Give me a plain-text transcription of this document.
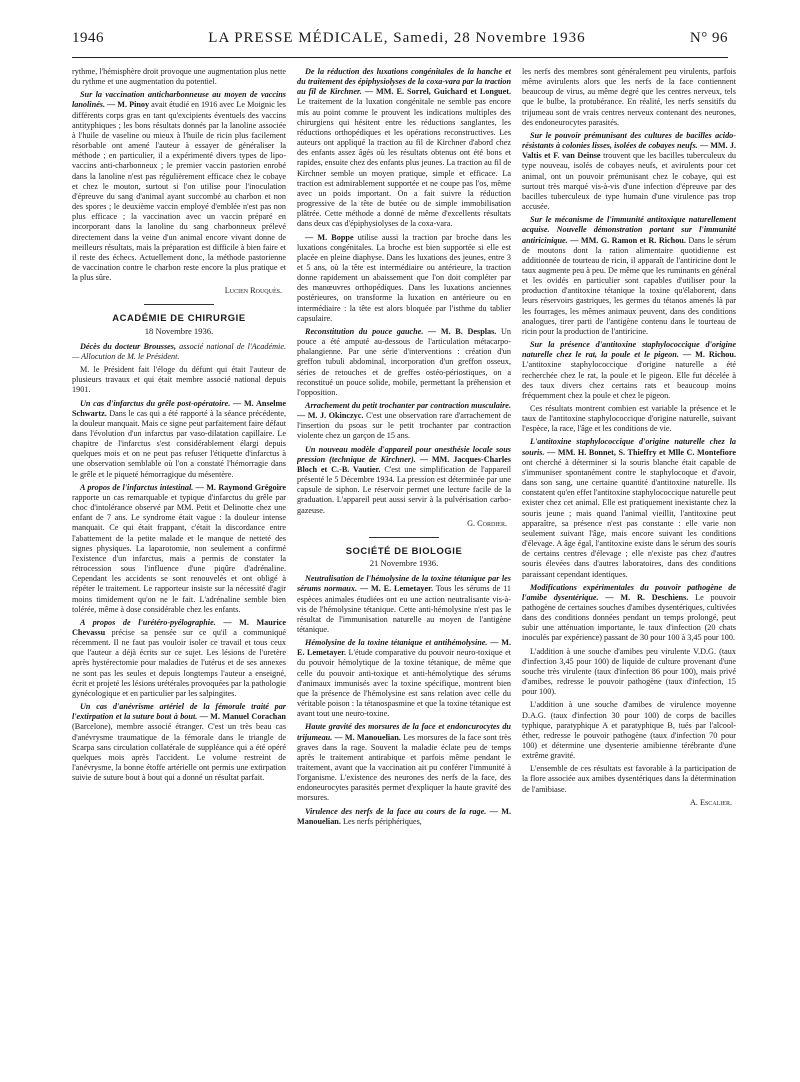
1946	LA PRESSE MÉDICALE, Samedi, 28 Novembre 1936	N° 96

rythme, l'hémisphère droit provoque une augmentation plus nette du rythme et une augmentation du potentiel.

Sur la vaccination anticharbonneuse au moyen de vaccins lanolinés. — M. Pinoy avait étudié en 1916 avec Le Moignic les différents corps gras en tant qu'excipients éventuels des vaccins antityphiques ; les bons résultats donnés par la lanoline associée à l'huile de vaseline ou mieux à l'huile de ricin plus facilement résorbable ont amené l'auteur à essayer de généraliser la méthode ; en particulier, il a expérimenté divers types de lipo-vaccins anti-charbonneux ; le premier vaccin pastorien enrobé dans la lanoline n'est pas régulièrement efficace chez le cobaye et chez le mouton, surtout si l'on utilise pour l'inoculation d'épreuve du sang d'animal ayant succombé au charbon et non des spores ; le deuxième vaccin employé d'emblée n'est pas non plus efficace ; la vaccination avec un vaccin préparé en incorporant dans la lanoline du sang charbonneux prélevé directement dans la veine d'un animal encore vivant donne de meilleurs résultats, mais la préparation est difficile à bien faire et il reste des échecs. Actuellement donc, la méthode pastorienne de vaccination contre le charbon reste encore la plus pratique et la plus sûre.

Lucien Rouquès.

ACADÉMIE DE CHIRURGIE

18 Novembre 1936.

Décès du docteur Brousses, associé national de l'Académie. — Allocution de M. le Président.

M. le Président fait l'éloge du défunt qui était l'auteur de plusieurs travaux et qui était membre associé national depuis 1901.

Un cas d'infarctus du grêle post-opératoire. — M. Anselme Schwartz. Dans le cas qui a été rapporté à la séance précédente, la douleur manquait. Mais ce signe peut parfaitement faire défaut dans l'évolution d'un infarctus par vaso-dilatation capillaire. Le chapitre de l'infarctus s'est considérablement élargi depuis quelques mois et on ne peut pas refuser l'étiquette d'infarctus à une observation semblable où l'on a constaté l'hémorragie dans le grêle et le piqueté hémorragique du mésentère.

A propos de l'infarctus intestinal. — M. Raymond Grégoire rapporte un cas remarquable et typique d'infarctus du grêle par choc d'intolérance observé par MM. Petit et Delinotte chez une enfant de 7 ans. Le syndrome était vague : la douleur intense manquait. Ce qui était frappant, c'était la discordance entre l'abattement de la petite malade et le manque de netteté des signes physiques. La laparotomie, non seulement a confirmé l'existence d'un infarctus, mais a permis de constater la rétrocession sous l'influence d'une piqûre d'adrénaline. Cependant les accidents se sont renouvelés et ont obligé à répéter le traitement. Le rapporteur insiste sur la nécessité d'agir moins timidement qu'on ne le fait. L'adrénaline semble bien tolérée, même à dose considérable chez les enfants.

A propos de l'urétéro-pyélographie. — M. Maurice Chevassu précise sa pensée sur ce qu'il a communiqué récemment. Il ne faut pas vouloir isoler ce travail et tous ceux que l'auteur a déjà écrits sur ce sujet. Les lésions de l'uretère après hystérectomie pour maladies de l'utérus et de ses annexes ne sont pas les seules et depuis longtemps l'auteur a enseigné, écrit et projeté les lésions urétérales provoquées par la pathologie gynécologique et en particulier par les salpingites.

Un cas d'anévrisme artériel de la fémorale traité par l'extirpation et la suture bout à bout. — M. Manuel Corachan (Barcelone), membre associé étranger. C'est un très beau cas d'anévrysme traumatique de la fémorale dans le triangle de Scarpa sans circulation collatérale de suppléance qui a été opéré quelques mois après l'accident. Le volume restreint de l'anévrysme, la bonne étoffe artérielle ont permis une extirpation suivie de suture bout à bout qui a donné un résultat parfait.

De la réduction des luxations congénitales de la hanche et du traitement des épiphysiolyses de la coxa-vara par la traction au fil de Kirchner. — MM. E. Sorrel, Guichard et Longuet. Le traitement de la luxation congénitale ne semble pas encore mis au point comme le prouvent les indications multiples des chirurgiens qui hésitent entre les réductions sanglantes, les réductions orthopédiques et les opérations reconstructives. Les auteurs ont appliqué la traction au fil de Kirchner d'abord chez des enfants assez âgés où les résultats obtenus ont été bons et rapides, ensuite chez des enfants plus jeunes. La traction au fil de Kirchner semble un moyen pratique, simple et efficace. La traction est admirablement supportée et ne coupe pas l'os, même avec un poids important. On a fait suivre la réduction progressive de la tête de butée ou de simple immobilisation plâtrée. Cette méthode a donné de même d'excellents résultats dans deux cas d'épiphysiolyses de la coxa-vara.

— M. Boppe utilise aussi la traction par broche dans les luxations congénitales. La broche est bien supportée si elle est placée en pleine diaphyse. Dans les luxations des jeunes, entre 3 et 5 ans, où la tête est intermédiaire ou antérieure, la traction donne rapidement un abaissement que l'on doit compléter par des manœuvres orthopédiques. Dans les luxations anciennes postérieures, on transforme la luxation en antérieure ou en intermédiaire : la tête est alors bloquée par l'isthme du tablier capsulaire.

Reconstitution du pouce gauche. — M. B. Desplas. Un pouce a été amputé au-dessous de l'articulation métacarpo-phalangienne. Par une série d'interventions : création d'un greffon tubuli abdominal, incorporation d'un greffon osseux, séries de retouches et de greffes ostéo-périostiques, on a reconstitué un pouce solide, mobile, permettant la préhension et l'opposition.

Arrachement du petit trochanter par contraction musculaire. — M. J. Okinczyc. C'est une observation rare d'arrachement de l'insertion du psoas sur le petit trochanter par contraction violente chez un garçon de 15 ans.

Un nouveau modèle d'appareil pour anesthésie locale sous pression (technique de Kirchner). — MM. Jacques-Charles Bloch et C.-B. Vautier. C'est une simplification de l'appareil présenté le 5 Décembre 1934. La pression est déterminée par une capsule de siphon. Le réservoir permet une lecture facile de la graduation. L'appareil peut aussi servir à la pulvérisation carbo-gazeuse.

G. Cordier.

SOCIÉTÉ DE BIOLOGIE

21 Novembre 1936.

Neutralisation de l'hémolysine de la toxine tétanique par les sérums normaux. — M. E. Lemetayer. Tous les sérums de 11 espèces animales étudiées ont eu une action neutralisante vis-à-vis de l'hémolysine tétanique. Cette anti-hémolysine n'est pas le résultat de l'immunisation naturelle au moyen de l'antigène tétanique.

Hémolysine de la toxine tétanique et antihémolysine. — M. E. Lemetayer. L'étude comparative du pouvoir neuro-toxique et du pouvoir hémolytique de la toxine tétanique, de même que celle du pouvoir anti-toxique et anti-hémolytique des sérums d'animaux immunisés avec la toxine spécifique, montrent bien que la présence de l'hémolysine est sans relation avec celle du véritable poison : la tétanospasmine et que la toxine tétanique est avant tout une neuro-toxine.

Haute gravité des morsures de la face et endoncurocytes du trijumeau. — M. Manouelian. Les morsures de la face sont très graves dans la rage. Souvent la maladie éclate peu de temps après le traitement antirabique et parfois même pendant le traitement, avant que la vaccination ait pu conférer l'immunité à l'organisme. L'existence des neurones des nerfs de la face, des endoneurocytes parasités permet d'expliquer la haute gravité des morsures.

Virulence des nerfs de la face au cours de la rage. — M. Manouelian. Les nerfs périphériques,

les nerfs des membres sont généralement peu virulents, parfois même avirulents alors que les nerfs de la face contiennent beaucoup de virus, au même degré que les centres nerveux, tels que le bulbe, la protubérance. En réalité, les nerfs sensitifs du trijumeau sont de vrais centres nerveux contenant des neurones, des endoneurocytes parasités.

Sur le pouvoir prémunisant des cultures de bacilles acido-résistants à colonies lisses, isolées de cobayes neufs. — MM. J. Valtis et F. van Deinse trouvent que les bacilles tuberculeux du type nouveau, isolés de cobayes neufs, et avirulents pour cet animal, ont un pouvoir prémunisant chez le cobaye, qui est surtout très marqué vis-à-vis d'une infection d'épreuve par des bacilles tuberculeux de type humain d'une virulence pas trop accusée.

Sur le mécanisme de l'immunité antitoxique naturellement acquise. Nouvelle démonstration portant sur l'immunité antiricinique. — MM. G. Ramon et R. Richou. Dans le sérum de moutons dont la ration alimentaire quotidienne est additionnée de tourteau de ricin, il apparaît de l'antiricine dont le taux augmente peu à peu. De même que les ruminants en général et les ovidés en particulier sont capables d'utiliser pour la production d'antitoxine tétanique la toxine qu'élaborent, dans leurs réservoirs gastriques, les germes du tétanos amenés là par les fourrages, les mêmes animaux peuvent, dans des conditions analogues, tirer parti de l'antigène contenu dans le tourteau de ricin pour la production de l'antiricine.

Sur la présence d'antitoxine staphylococcique d'origine naturelle chez le rat, la poule et le pigeon. — M. Richou. L'antitoxine staphylococcique d'origine naturelle a été recherchée chez le rat, la poule et le pigeon. Elle fut décelée à des taux divers chez certains rats et beaucoup moins fréquemment chez la poule et chez le pigeon.

Ces résultats montrent combien est variable la présence et le taux de l'antitoxine staphylococcique d'origine naturelle, suivant l'espèce, la race, l'âge et les conditions de vie.

L'antitoxine staphylococcique d'origine naturelle chez la souris. — MM. H. Bonnet, S. Thieffry et Mlle C. Montefiore ont cherché à déterminer si la souris blanche était capable de s'immuniser spontanément contre le staphylocoque et d'avoir, dans son sang, une certaine quantité d'antitoxine naturelle. Ils constatent qu'en effet l'antitoxine staphylococcique naturelle peut exister chez cet animal. Elle est pratiquement inexistante chez la souris jeune ; mais quand l'animal vieillit, l'antitoxine peut apparaître, sa présence n'est pas constante : elle varie non seulement suivant l'âge, mais encore suivant les conditions d'élevage. A âge égal, l'antitoxine existe dans le sérum des souris de certains centres d'élevage ; elle n'existe pas chez d'autres souris élevées dans d'autres laboratoires, dans des conditions paraissant cependant identiques.

Modifications expérimentales du pouvoir pathogène de l'amibe dysentérique. — M. R. Deschiens. Le pouvoir pathogène de certaines souches d'amibes dysentériques, cultivées dans des conditions données pendant un temps prolongé, peut subir une atténuation importante, le taux d'infection (20 chats inoculés par expérience) passant de 30 pour 100 à 3,45 pour 100.

L'addition à une souche d'amibes peu virulente V.D.G. (taux d'infection 3,45 pour 100) de liquide de culture provenant d'une souche très virulente (taux d'infection 86 pour 100), mais privé d'amibes, redresse le pouvoir pathogène (taux d'infection, 15 pour 100).

L'addition à une souche d'amibes de virulence moyenne D.A.G. (taux d'infection 30 pour 100) de corps de bacilles typhique, paratyphique A et paratyphique B, tués par l'alcool-éther, redresse le pouvoir pathogène (taux d'infection 70 pour 100) et détermine une dysenterie amibienne térébrante d'une extrême gravité.

L'ensemble de ces résultats est favorable à la participation de la flore associée aux amibes dysentériques dans la détermination de l'amibiase.

A. Escalier.
